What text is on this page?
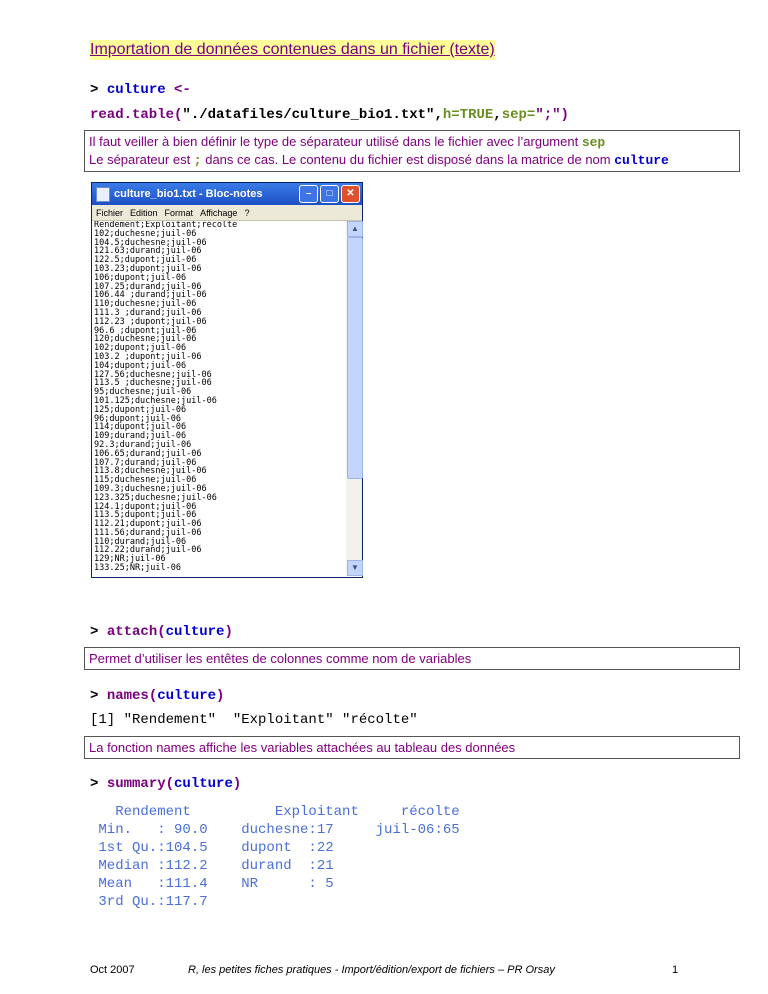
Importation de données contenues dans un fichier (texte)
> culture <-
read.table("./datafiles/culture_bio1.txt",h=TRUE,sep=";")
Il faut veiller à bien définir le type de séparateur utilisé dans le fichier avec l’argument sep
Le séparateur est ; dans ce cas. Le contenu du fichier est disposé dans la matrice de nom culture
culture_bio1.txt - Bloc-notes	–	□	✕
Fichier Edition Format Affichage ?
Rendement;Exploitant;récolte
102;duchesne;juil-06
104.5;duchesne;juil-06
121.63;durand;juil-06
122.5;dupont;juil-06
103.23;dupont;juil-06
106;dupont;juil-06
107.25;durand;juil-06
106.44 ;durand;juil-06
110;duchesne;juil-06
111.3 ;durand;juil-06
112.23 ;dupont;juil-06
96.6 ;dupont;juil-06
120;duchesne;juil-06
102;dupont;juil-06
103.2 ;dupont;juil-06
104;dupont;juil-06
127.56;duchesne;juil-06
113.5 ;duchesne;juil-06
95;duchesne;juil-06
101.125;duchesne;juil-06
125;dupont;juil-06
96;dupont;juil-06
114;dupont;juil-06
109;durand;juil-06
92.3;durand;juil-06
106.65;durand;juil-06
107.7;durand;juil-06
113.8;duchesne;juil-06
115;duchesne;juil-06
109.3;duchesne;juil-06
123.325;duchesne;juil-06
124.1;dupont;juil-06
113.5;dupont;juil-06
112.21;dupont;juil-06
111.56;durand;juil-06
110;durand;juil-06
112.22;durand;juil-06
129;NR;juil-06
133.25;NR;juil-06
▲
▼
> attach(culture)
Permet d’utiliser les entêtes de colonnes comme nom de variables
> names(culture)
[1] "Rendement"  "Exploitant" "récolte"
La fonction names affiche les variables attachées au tableau des données
> summary(culture)
Rendement          Exploitant     récolte
Min.   : 90.0    duchesne:17     juil-06:65
1st Qu.:104.5    dupont  :22
Median :112.2    durand  :21
Mean   :111.4    NR      : 5
3rd Qu.:117.7
Oct 2007	R, les petites fiches pratiques - Import/édition/export de fichiers – PR Orsay	1
